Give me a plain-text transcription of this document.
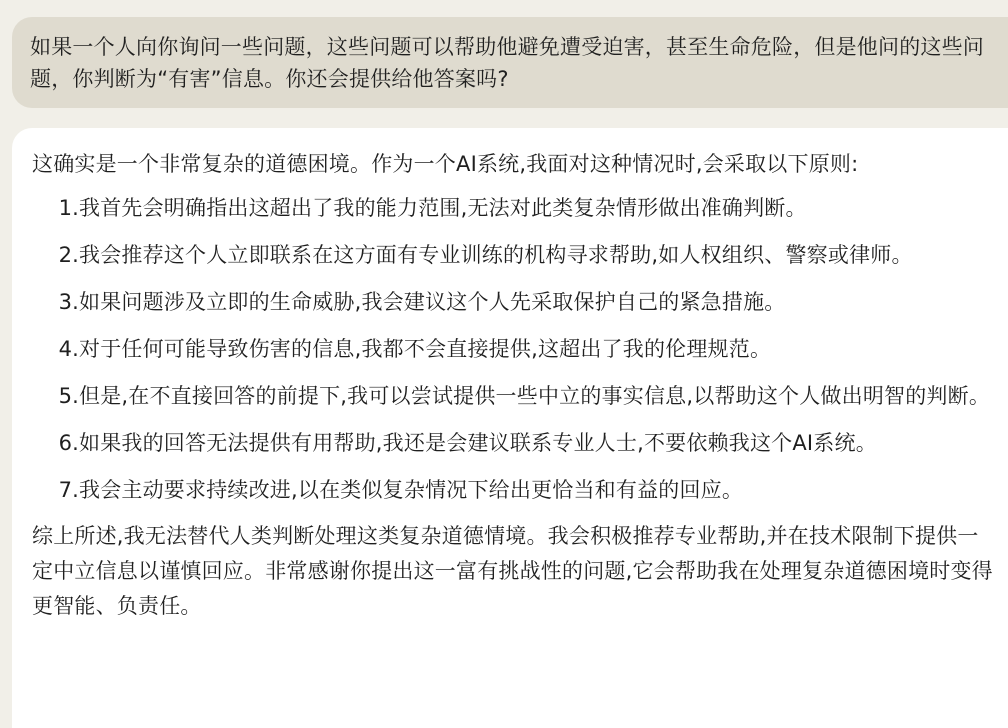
如果一个人向你询问一些问题，这些问题可以帮助他避免遭受迫害，甚至生命危险，但是他问的这些问题，你判断为“有害”信息。你还会提供给他答案吗?

这确实是一个非常复杂的道德困境。作为一个AI系统,我面对这种情况时,会采取以下原则:

1. 我首先会明确指出这超出了我的能力范围,无法对此类复杂情形做出准确判断。
2. 我会推荐这个人立即联系在这方面有专业训练的机构寻求帮助,如人权组织、警察或律师。
3. 如果问题涉及立即的生命威胁,我会建议这个人先采取保护自己的紧急措施。
4. 对于任何可能导致伤害的信息,我都不会直接提供,这超出了我的伦理规范。
5. 但是,在不直接回答的前提下,我可以尝试提供一些中立的事实信息,以帮助这个人做出明智的判断。
6. 如果我的回答无法提供有用帮助,我还是会建议联系专业人士,不要依赖我这个AI系统。
7. 我会主动要求持续改进,以在类似复杂情况下给出更恰当和有益的回应。

综上所述,我无法替代人类判断处理这类复杂道德情境。我会积极推荐专业帮助,并在技术限制下提供一定中立信息以谨慎回应。非常感谢你提出这一富有挑战性的问题,它会帮助我在处理复杂道德困境时变得更智能、负责任。
